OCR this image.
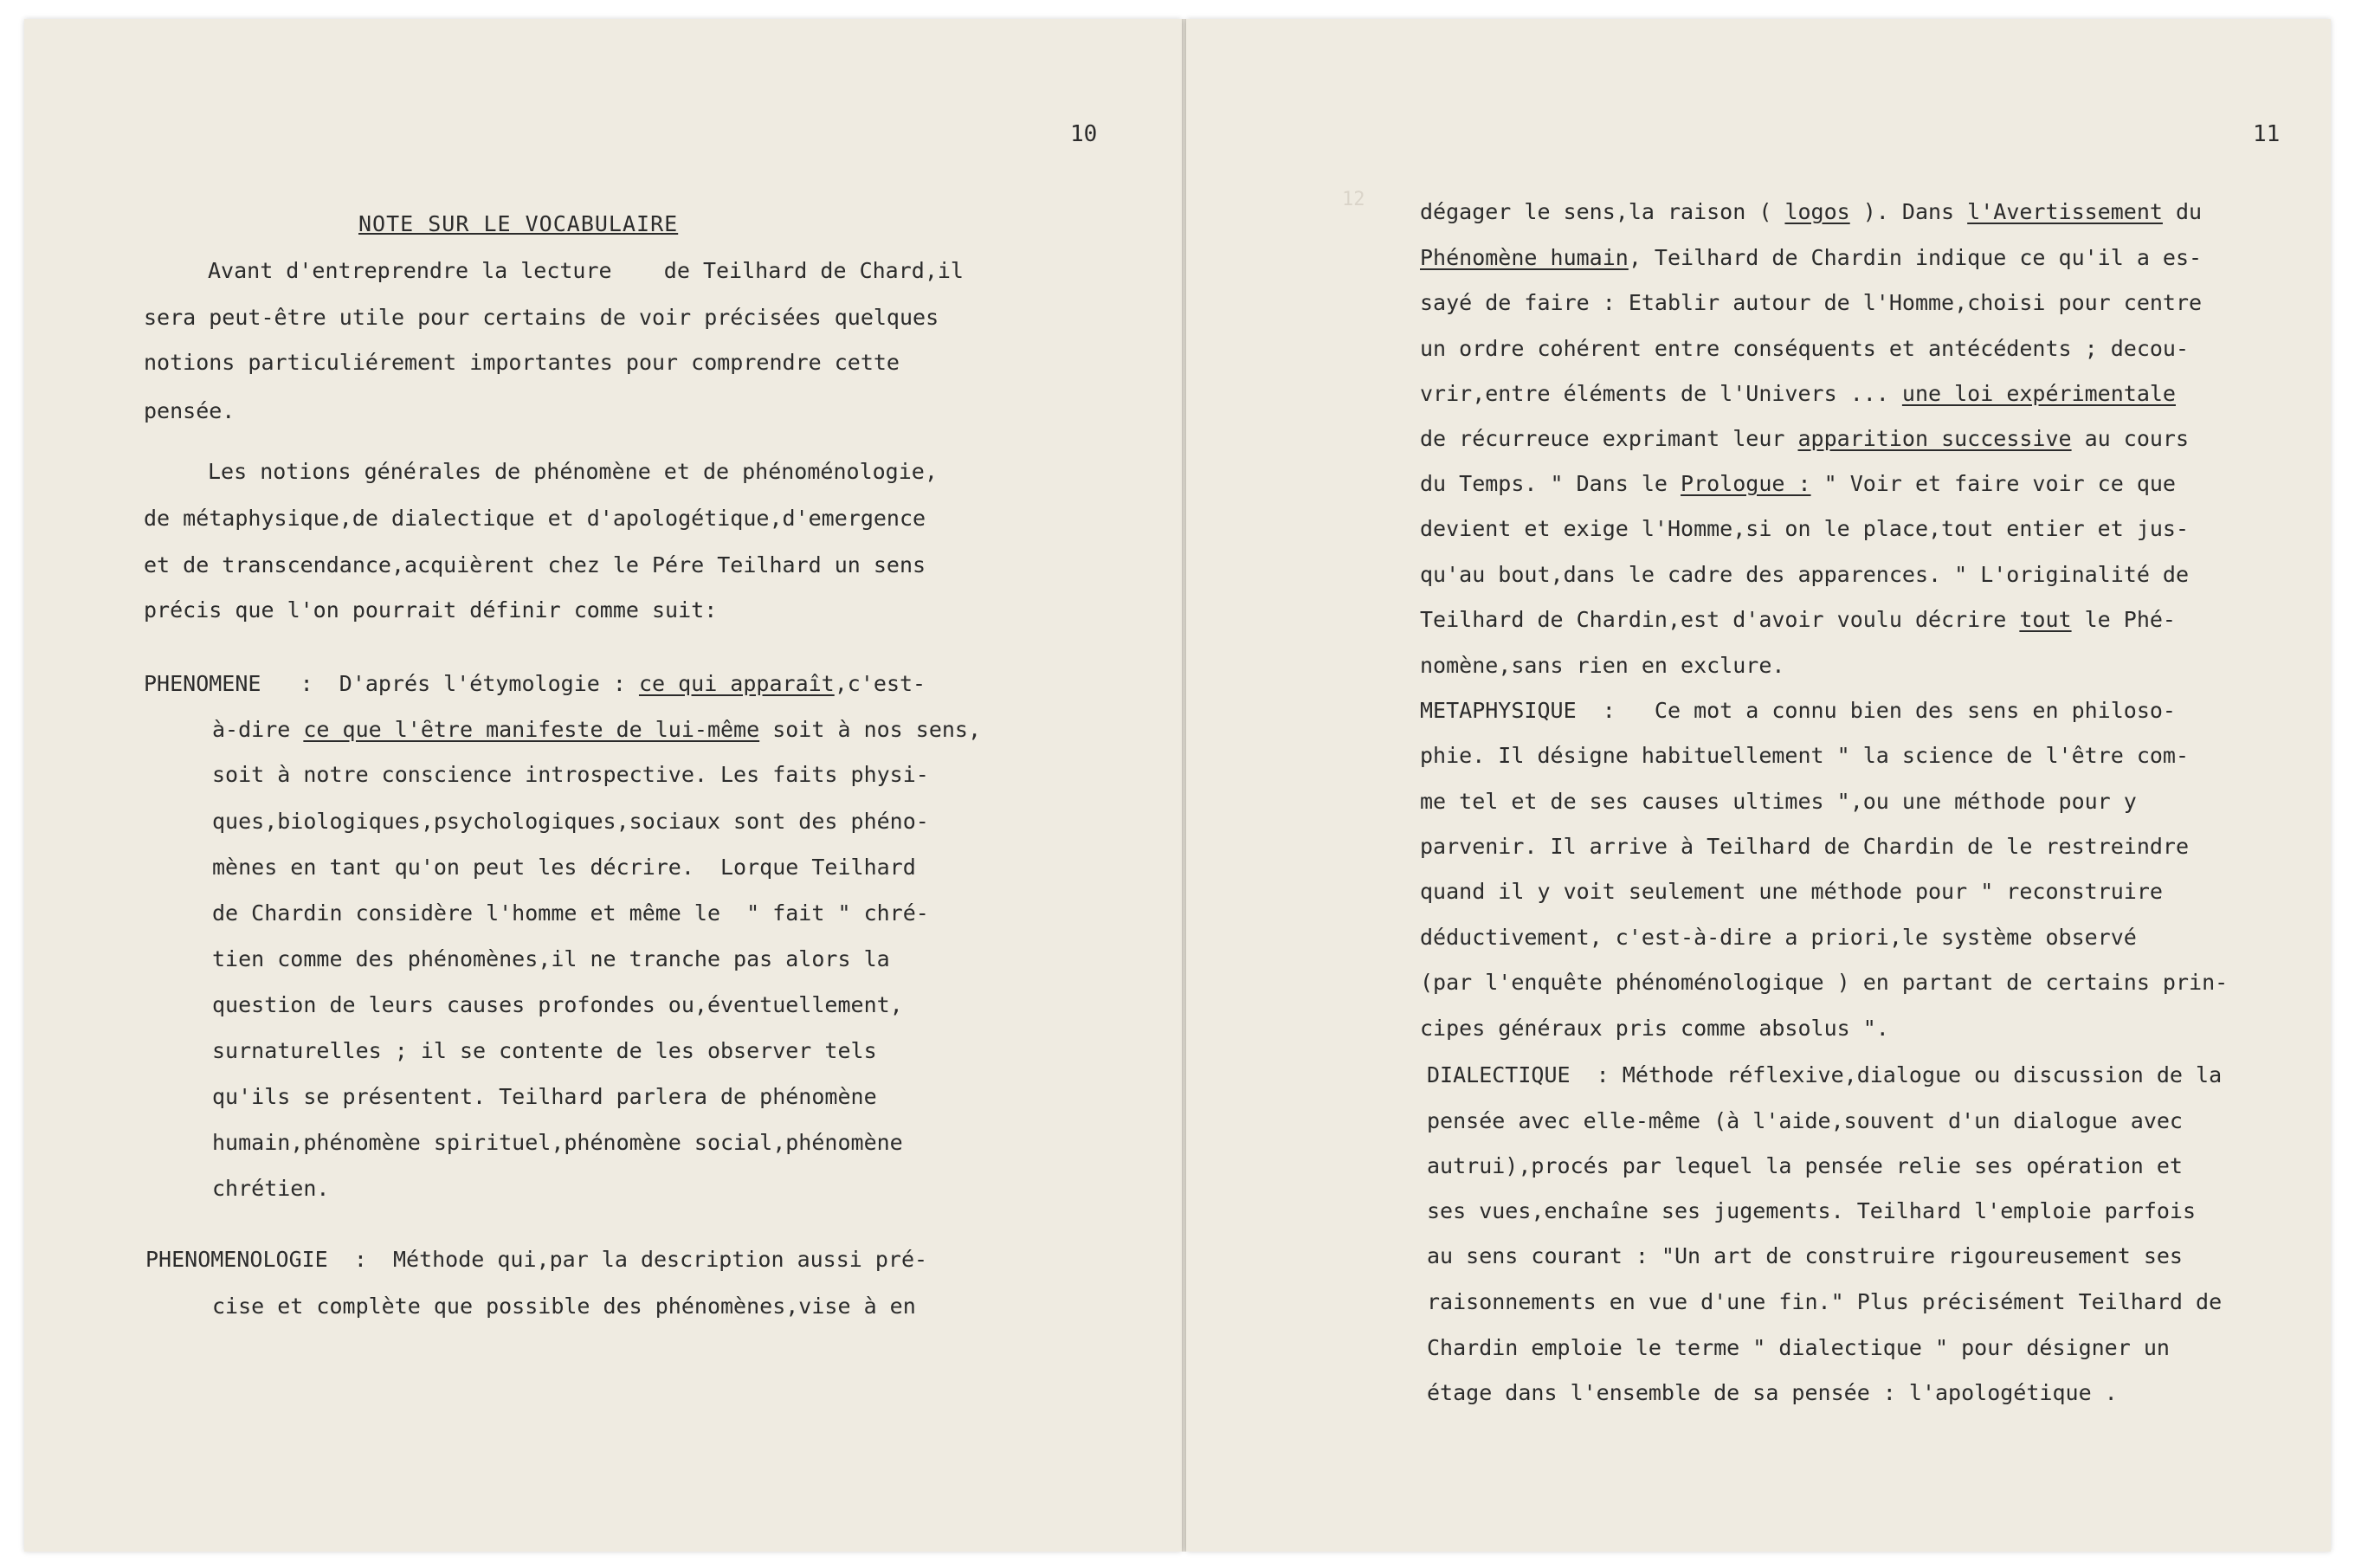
10
NOTE SUR LE VOCABULAIRE
Avant d'entreprendre la lecture    de Teilhard de Chard,il
sera peut-être utile pour certains de voir précisées quelques
notions particuliérement importantes pour comprendre cette
pensée.
Les notions générales de phénomène et de phénoménologie,
de métaphysique,de dialectique et d'apologétique,d'emergence
et de transcendance,acquièrent chez le Pére Teilhard un sens
précis que l'on pourrait définir comme suit:
PHENOMENE   :  D'aprés l'étymologie : ce qui apparaît,c'est-
à-dire ce que l'ȇtre manifeste de lui-même soit à nos sens,
soit à notre conscience introspective. Les faits physi-
ques,biologiques,psychologiques,sociaux sont des phéno-
mènes en tant qu'on peut les décrire.  Lorque Teilhard
de Chardin considère l'homme et même le  " fait " chré-
tien comme des phénomènes,il ne tranche pas alors la
question de leurs causes profondes ou,éventuellement,
surnaturelles ; il se contente de les observer tels
qu'ils se présentent. Teilhard parlera de phénomène
humain,phénomène spirituel,phénomène social,phénomène
chrétien.
PHENOMENOLOGIE  :  Méthode qui,par la description aussi pré-
cise et complète que possible des phénomènes,vise à en
12
11
dégager le sens,la raison ( logos ). Dans l'Avertissement du
Phénomène humain, Teilhard de Chardin indique ce qu'il a es-
sayé de faire : Etablir autour de l'Homme,choisi pour centre
un ordre cohérent entre conséquents et antécédents ; decou-
vrir,entre éléments de l'Univers ... une loi expérimentale
de récurreuce exprimant leur apparition successive au cours
du Temps. " Dans le Prologue : " Voir et faire voir ce que
devient et exige l'Homme,si on le place,tout entier et jus-
qu'au bout,dans le cadre des apparences. " L'originalité de
Teilhard de Chardin,est d'avoir voulu décrire tout le Phé-
nomène,sans rien en exclure.
METAPHYSIQUE  :   Ce mot a connu bien des sens en philoso-
phie. Il désigne habituellement " la science de l'être com-
me tel et de ses causes ultimes ",ou une méthode pour y
parvenir. Il arrive à Teilhard de Chardin de le restreindre
quand il y voit seulement une méthode pour " reconstruire
déductivement, c'est-à-dire a priori,le système observé
(par l'enquête phénoménologique ) en partant de certains prin-
cipes généraux pris comme absolus ".
DIALECTIQUE  : Méthode réflexive,dialogue ou discussion de la
pensée avec elle-même (à l'aide,souvent d'un dialogue avec
autrui),procés par lequel la pensée relie ses opération et
ses vues,enchaîne ses jugements. Teilhard l'emploie parfois
au sens courant : "Un art de construire rigoureusement ses
raisonnements en vue d'une fin." Plus précisément Teilhard de
Chardin emploie le terme " dialectique " pour désigner un
étage dans l'ensemble de sa pensée : l'apologétique .
